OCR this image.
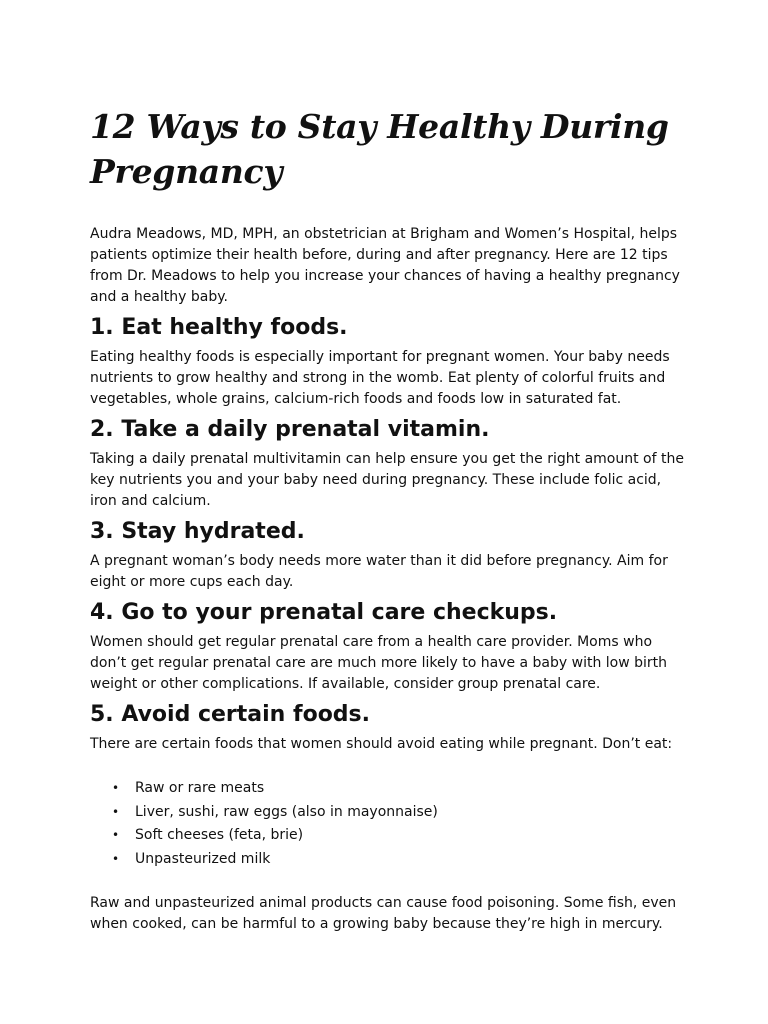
12 Ways to Stay Healthy During Pregnancy

Audra Meadows, MD, MPH, an obstetrician at Brigham and Women’s Hospital, helps patients optimize their health before, during and after pregnancy. Here are 12 tips from Dr. Meadows to help you increase your chances of having a healthy pregnancy and a healthy baby.

1. Eat healthy foods.

Eating healthy foods is especially important for pregnant women. Your baby needs nutrients to grow healthy and strong in the womb. Eat plenty of colorful fruits and vegetables, whole grains, calcium-rich foods and foods low in saturated fat.

2. Take a daily prenatal vitamin.

Taking a daily prenatal multivitamin can help ensure you get the right amount of the key nutrients you and your baby need during pregnancy. These include folic acid, iron and calcium.

3. Stay hydrated.

A pregnant woman’s body needs more water than it did before pregnancy. Aim for eight or more cups each day.

4. Go to your prenatal care checkups.

Women should get regular prenatal care from a health care provider. Moms who don’t get regular prenatal care are much more likely to have a baby with low birth weight or other complications. If available, consider group prenatal care.

5. Avoid certain foods.

There are certain foods that women should avoid eating while pregnant. Don’t eat:

• Raw or rare meats
• Liver, sushi, raw eggs (also in mayonnaise)
• Soft cheeses (feta, brie)
• Unpasteurized milk

Raw and unpasteurized animal products can cause food poisoning. Some fish, even when cooked, can be harmful to a growing baby because they’re high in mercury.
